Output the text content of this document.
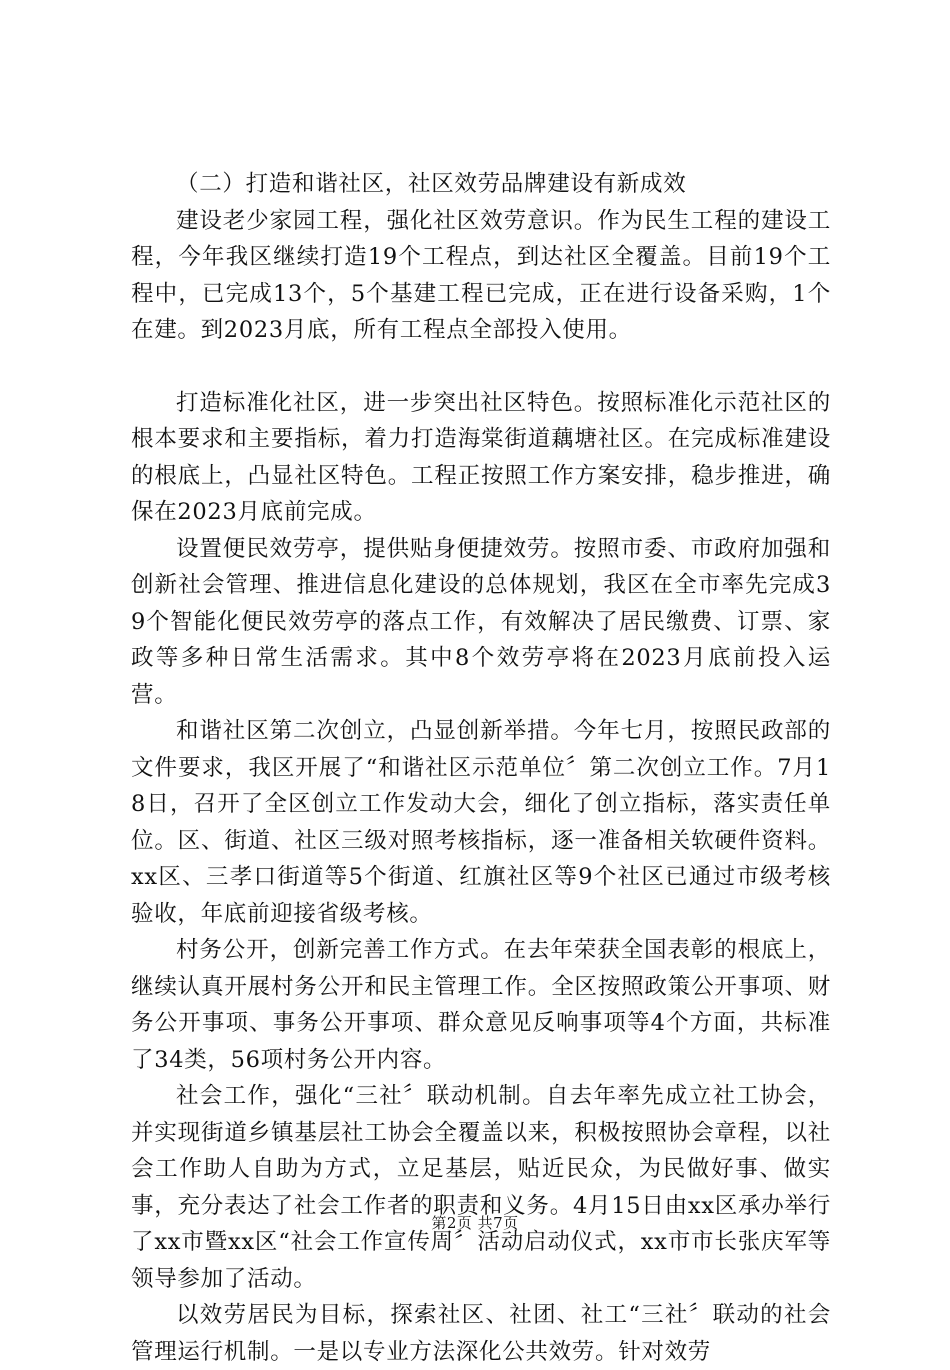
（二）打造和谐社区，社区效劳品牌建设有新成效

建设老少家园工程，强化社区效劳意识。作为民生工程的建设工程，今年我区继续打造19个工程点，到达社区全覆盖。目前19个工程中，已完成13个，5个基建工程已完成，正在进行设备采购，1个在建。到2023月底，所有工程点全部投入使用。

打造标准化社区，进一步突出社区特色。按照标准化示范社区的根本要求和主要指标，着力打造海棠街道藕塘社区。在完成标准建设的根底上，凸显社区特色。工程正按照工作方案安排，稳步推进，确保在2023月底前完成。

设置便民效劳亭，提供贴身便捷效劳。按照市委、市政府加强和创新社会管理、推进信息化建设的总体规划，我区在全市率先完成39个智能化便民效劳亭的落点工作，有效解决了居民缴费、订票、家政等多种日常生活需求。其中8个效劳亭将在2023月底前投入运营。

和谐社区第二次创立，凸显创新举措。今年七月，按照民政部的文件要求，我区开展了“和谐社区示范单位〞第二次创立工作。7月18日，召开了全区创立工作发动大会，细化了创立指标，落实责任单位。区、街道、社区三级对照考核指标，逐一准备相关软硬件资料。xx区、三孝口街道等5个街道、红旗社区等9个社区已通过市级考核验收，年底前迎接省级考核。

村务公开，创新完善工作方式。在去年荣获全国表彰的根底上，继续认真开展村务公开和民主管理工作。全区按照政策公开事项、财务公开事项、事务公开事项、群众意见反响事项等4个方面，共标准了34类，56项村务公开内容。

社会工作，强化“三社〞联动机制。自去年率先成立社工协会，并实现街道乡镇基层社工协会全覆盖以来，积极按照协会章程，以社会工作助人自助为方式，立足基层，贴近民众，为民做好事、做实事，充分表达了社会工作者的职责和义务。4月15日由xx区承办举行了xx市暨xx区“社会工作宣传周〞活动启动仪式，xx市市长张庆军等领导参加了活动。

以效劳居民为目标，探索社区、社团、社工“三社〞联动的社会管理运行机制。一是以专业方法深化公共效劳。针对效劳

第2页 共7页
